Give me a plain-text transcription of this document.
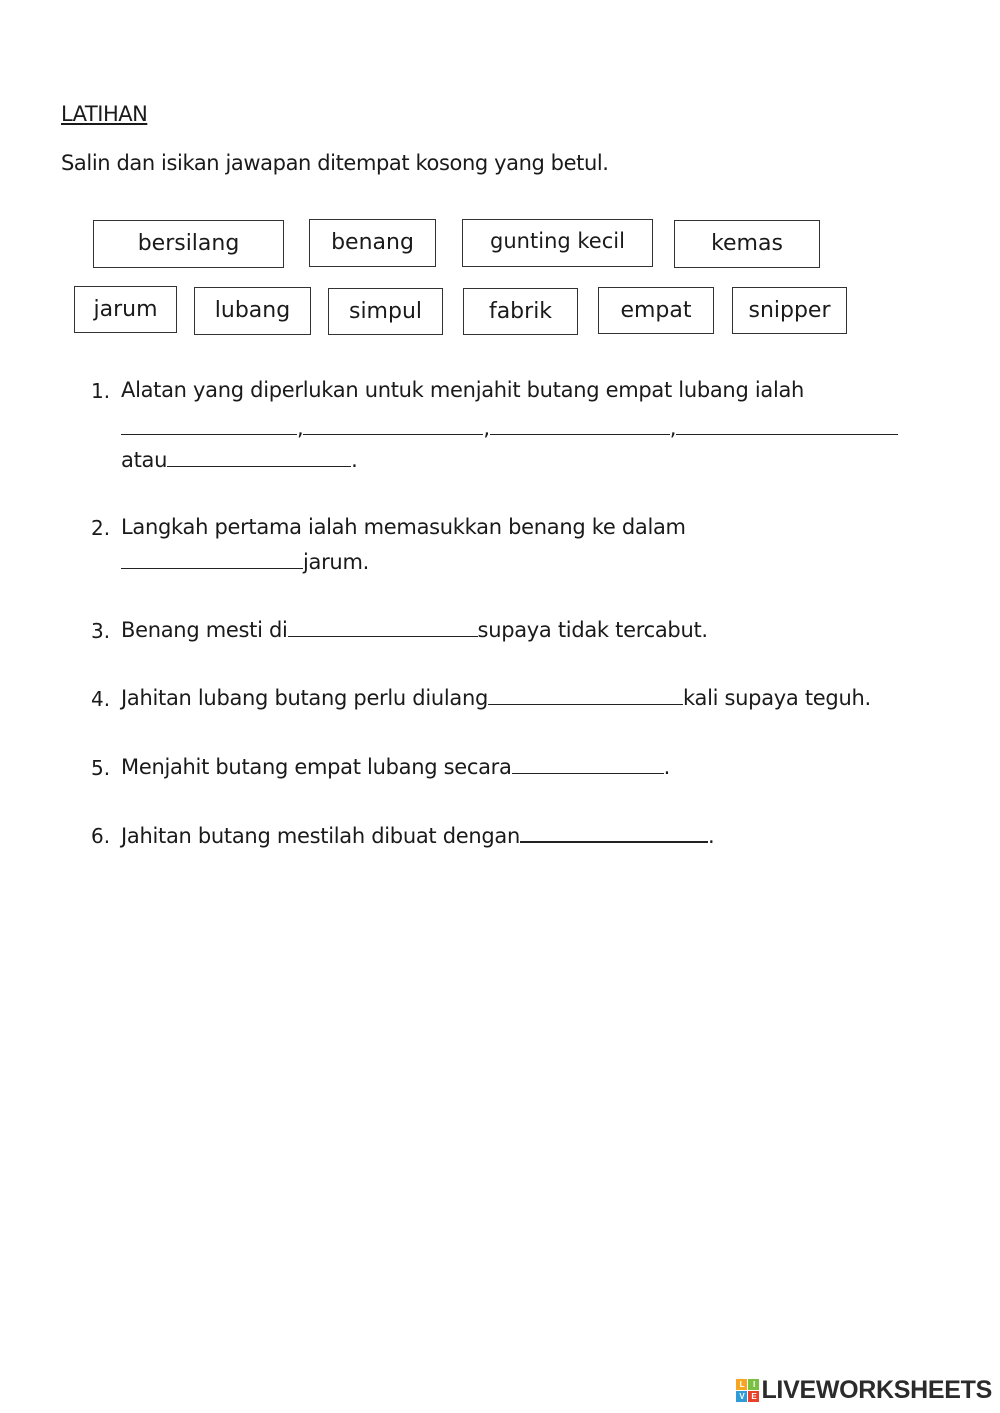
LATIHAN
Salin dan isikan jawapan ditempat kosong yang betul.
bersilang	benang	gunting kecil	kemas
jarum	lubang	simpul	fabrik	empat	snipper
1. Alatan yang diperlukan untuk menjahit butang empat lubang ialah
,	,	,
atau	.
2. Langkah pertama ialah memasukkan benang ke dalam
jarum.
3. Benang mesti di	supaya tidak tercabut.
4. Jahitan lubang butang perlu diulang	kali supaya teguh.
5. Menjahit butang empat lubang secara	.
6. Jahitan butang mestilah dibuat dengan	.
L	I
V E LIVEWORKSHEETS
